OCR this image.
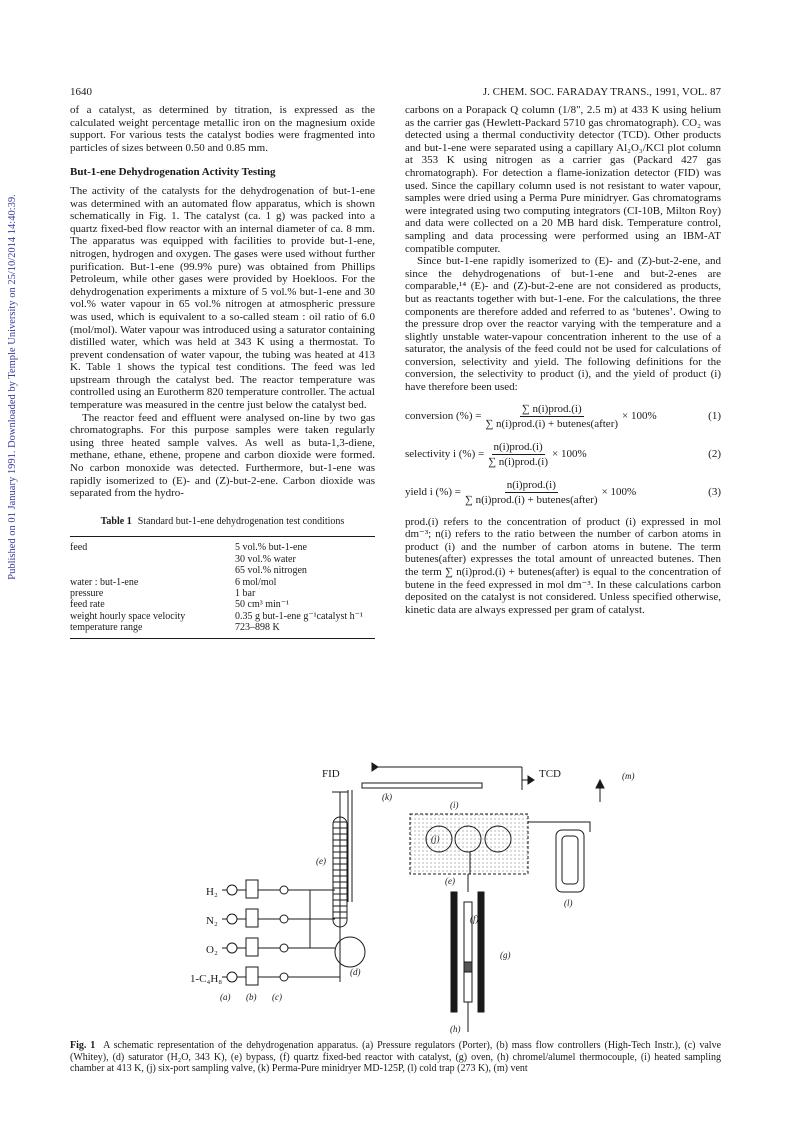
Published on 01 January 1991. Downloaded by Temple University on 25/10/2014 14:40:39.
1640	J. CHEM. SOC. FARADAY TRANS., 1991, VOL. 87

of a catalyst, as determined by titration, is expressed as the calculated weight percentage metallic iron on the magnesium oxide support. For various tests the catalyst bodies were fragmented into particles of sizes between 0.50 and 0.85 mm.

But-1-ene Dehydrogenation Activity Testing

The activity of the catalysts for the dehydrogenation of but-1-ene was determined with an automated flow apparatus, which is shown schematically in Fig. 1. The catalyst (ca. 1 g) was packed into a quartz fixed-bed flow reactor with an internal diameter of ca. 8 mm. The apparatus was equipped with facilities to provide but-1-ene, nitrogen, hydrogen and oxygen. The gases were used without further purification. But-1-ene (99.9% pure) was obtained from Phillips Petroleum, while other gases were provided by Hoekloos. For the dehydrogenation experiments a mixture of 5 vol.% but-1-ene and 30 vol.% water vapour in 65 vol.% nitrogen at atmospheric pressure was used, which is equivalent to a so-called steam : oil ratio of 6.0 (mol/mol). Water vapour was introduced using a saturator containing distilled water, which was held at 343 K using a thermostat. To prevent condensation of water vapour, the tubing was heated at 413 K. Table 1 shows the typical test conditions. The feed was led upstream through the catalyst bed. The reactor temperature was controlled using an Eurotherm 820 temperature controller. The actual temperature was measured in the centre just below the catalyst bed.

The reactor feed and effluent were analysed on-line by two gas chromatographs. For this purpose samples were taken regularly using three heated sample valves. As well as buta-1,3-diene, methane, ethane, ethene, propene and carbon dioxide were formed. No carbon monoxide was detected. Furthermore, but-1-ene was rapidly isomerized to (E)- and (Z)-but-2-ene. Carbon dioxide was separated from the hydro-

Table 1 Standard but-1-ene dehydrogenation test conditions
feed	5 vol.% but-1-ene
30 vol.% water
65 vol.% nitrogen
water : but-1-ene	6 mol/mol
pressure	1 bar
feed rate	50 cm³ min⁻¹
weight hourly space velocity	0.35 g but-1-ene g⁻¹catalyst h⁻¹
temperature range	723–898 K

carbons on a Porapack Q column (1/8", 2.5 m) at 433 K using helium as the carrier gas (Hewlett-Packard 5710 gas chromatograph). CO₂ was detected using a thermal conductivity detector (TCD). Other products and but-1-ene were separated using a capillary Al₂O₃/KCl plot column at 353 K using nitrogen as a carrier gas (Packard 427 gas chromatograph). For detection a flame-ionization detector (FID) was used. Since the capillary column used is not resistant to water vapour, samples were dried using a Perma Pure minidryer. Gas chromatograms were integrated using two computing integrators (CI-10B, Milton Roy) and data were collected on a 20 MB hard disk. Temperature control, sampling and data processing were performed using an IBM-AT compatible computer.

Since but-1-ene rapidly isomerized to (E)- and (Z)-but-2-ene, and since the dehydrogenations of but-1-ene and but-2-enes are comparable,¹⁴ (E)- and (Z)-but-2-ene are not considered as products, but as reactants together with but-1-ene. For the calculations, the three components are therefore added and referred to as ‘butenes’. Owing to the pressure drop over the reactor varying with the temperature and a slightly unstable water-vapour concentration inherent to the use of a saturator, the analysis of the feed could not be used for calculations of conversion, selectivity and yield. The following definitions for the conversion, the selectivity to product (i), and the yield of product (i) have therefore been used:

conversion (%) = $\frac{\text{∑ n(i)prod.(i)}}{\text{∑ n(i)prod.(i) + butenes(after)}} \times 100\%$	(1)
selectivity i (%) = $\frac{\text{n(i)prod.(i)}}{\text{∑ n(i)prod.(i)}} \times 100\%$	(2)
yield i (%) = $\frac{\text{n(i)prod.(i)}}{\text{∑ n(i)prod.(i) + butenes(after)}} \times 100\%$	(3)

prod.(i) refers to the concentration of product (i) expressed in mol dm⁻³; n(i) refers to the ratio between the number of carbon atoms in product (i) and the number of carbon atoms in butene. The term butenes(after) expresses the total amount of unreacted butenes. Then the term ∑ n(i)prod.(i) + butenes(after) is equal to the concentration of butene in the feed expressed in mol dm⁻³. In these calculations carbon deposited on the catalyst is not considered. Unless specified otherwise, kinetic data are always expressed per gram of catalyst.

FID	TCD
(k)
(i)
(m)
(j)
(l)
(e)
(f)
(g)
(h)
(e)
(d)
H₂
N₂
O₂
1-C₄H₈
(a) (b) (c)
Fig. 1 A schematic representation of the dehydrogenation apparatus. (a) Pressure regulators (Porter), (b) mass flow controllers (High-Tech Instr.), (c) valve (Whitey), (d) saturator (H₂O, 343 K), (e) bypass, (f) quartz fixed-bed reactor with catalyst, (g) oven, (h) chromel/alumel thermocouple, (i) heated sampling chamber at 413 K, (j) six-port sampling valve, (k) Perma-Pure minidryer MD-125P, (l) cold trap (273 K), (m) vent
